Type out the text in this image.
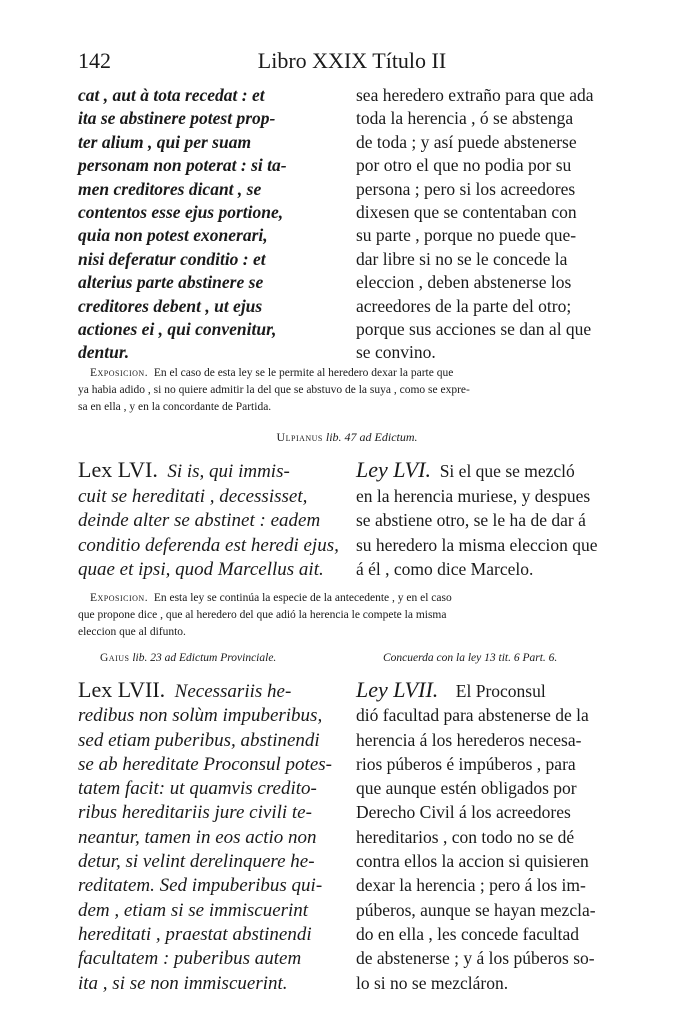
142	Libro XXIX Título II

cat , aut à tota recedat : et

ita se abstinere potest prop-

ter alium , qui per suam

personam non poterat : si ta-

men creditores dicant , se

contentos esse ejus portione,

quia non potest exonerari,

nisi deferatur conditio : et

alterius parte abstinere se

creditores debent , ut ejus

actiones ei , qui convenitur,

dentur.

sea heredero extraño para que ada

toda la herencia , ó se abstenga

de toda ; y así puede abstenerse

por otro el que no podia por su

persona ; pero si los acreedores

dixesen que se contentaban con

su parte , porque no puede que-

dar libre si no se le concede la

eleccion , deben abstenerse los

acreedores de la parte del otro;

porque sus acciones se dan al que

se convino.

Exposicion. En el caso de esta ley se le permite al heredero dexar la parte que

ya habia adido , si no quiere admitir la del que se abstuvo de la suya , como se expre-

sa en ella , y en la concordante de Partida.

Ulpianus lib. 47 ad Edictum.

Lex LVI. Si is, qui immis-

cuit se hereditati , decessisset,

deinde alter se abstinet : eadem

conditio deferenda est heredi ejus,

quae et ipsi, quod Marcellus ait.

Ley LVI. Si el que se mezcló

en la herencia muriese, y despues

se abstiene otro, se le ha de dar á

su heredero la misma eleccion que

á él , como dice Marcelo.

Exposicion. En esta ley se continúa la especie de la antecedente , y en el caso

que propone dice , que al heredero del que adió la herencia le compete la misma

eleccion que al difunto.

Gaius lib. 23 ad Edictum Provinciale.	Concuerda con la ley 13 tit. 6 Part. 6.

Lex LVII. Necessariis he-

redibus non solùm impuberibus,

sed etiam puberibus, abstinendi

se ab hereditate Proconsul potes-

tatem facit: ut quamvis credito-

ribus hereditariis jure civili te-

neantur, tamen in eos actio non

detur, si velint derelinquere he-

reditatem. Sed impuberibus qui-

dem , etiam si se immiscuerint

hereditati , praestat abstinendi

facultatem : puberibus autem

ita , si se non immiscuerint.

Ley LVII. El Proconsul

dió facultad para abstenerse de la

herencia á los herederos necesa-

rios púberos é impúberos , para

que aunque estén obligados por

Derecho Civil á los acreedores

hereditarios , con todo no se dé

contra ellos la accion si quisieren

dexar la herencia ; pero á los im-

púberos, aunque se hayan mezcla-

do en ella , les concede facultad

de abstenerse ; y á los púberos so-

lo si no se mezcláron.
